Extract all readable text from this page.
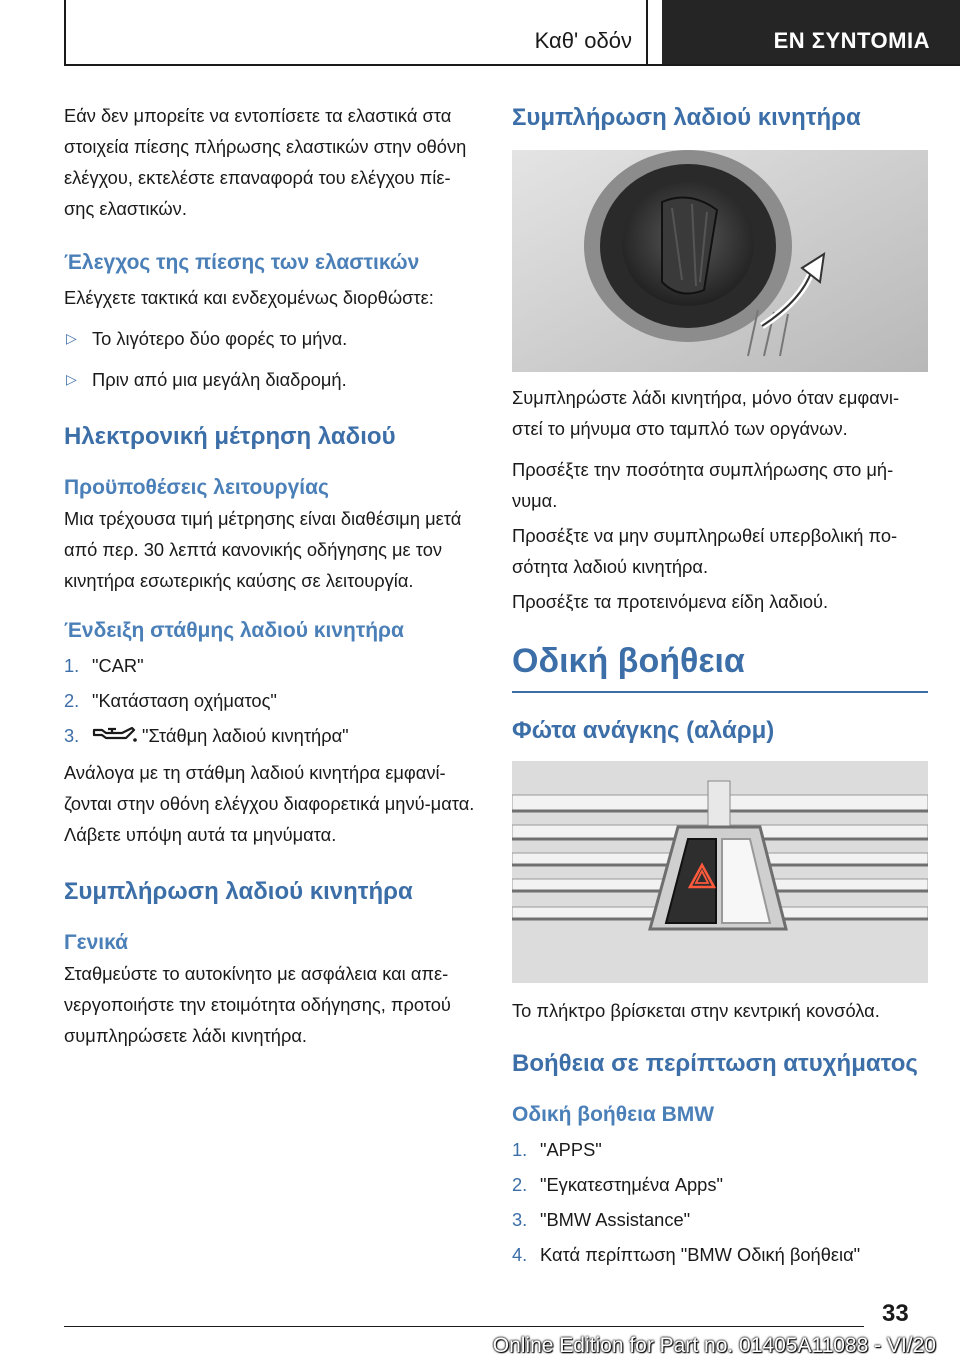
Καθ' οδόν	ΕΝ ΣΥΝΤΟΜΙΑ

Εάν δεν μπορείτε να εντοπίσετε τα ελαστικά στα στοιχεία πίεσης πλήρωσης ελαστικών στην οθόνη ελέγχου, εκτελέστε επαναφορά του ελέγχου πίε-σης ελαστικών.

Έλεγχος της πίεσης των ελαστικών

Ελέγχετε τακτικά και ενδεχομένως διορθώστε:

▷ Το λιγότερο δύο φορές το μήνα.
▷ Πριν από μια μεγάλη διαδρομή.
Ηλεκτρονική μέτρηση λαδιού
Προϋποθέσεις λειτουργίας

Μια τρέχουσα τιμή μέτρησης είναι διαθέσιμη μετά από περ. 30 λεπτά κανονικής οδήγησης με τον κινητήρα εσωτερικής καύσης σε λειτουργία.

Ένδειξη στάθμης λαδιού κινητήρα
1. "CAR"
2. "Κατάσταση οχήματος"
3.	"Στάθμη λαδιού κινητήρα"

Ανάλογα με τη στάθμη λαδιού κινητήρα εμφανί-ζονται στην οθόνη ελέγχου διαφορετικά μηνύ-ματα. Λάβετε υπόψη αυτά τα μηνύματα.

Συμπλήρωση λαδιού κινητήρα
Γενικά

Σταθμεύστε το αυτοκίνητο με ασφάλεια και απε-νεργοποιήστε την ετοιμότητα οδήγησης, προτού συμπληρώσετε λάδι κινητήρα.

Συμπλήρωση λαδιού κινητήρα

Συμπληρώστε λάδι κινητήρα, μόνο όταν εμφανι-στεί το μήνυμα στο ταμπλό των οργάνων.

Προσέξτε την ποσότητα συμπλήρωσης στο μή-νυμα.

Προσέξτε να μην συμπληρωθεί υπερβολική πο-σότητα λαδιού κινητήρα.

Προσέξτε τα προτεινόμενα είδη λαδιού.

Οδική βοήθεια
Φώτα ανάγκης (αλάρμ)

Το πλήκτρο βρίσκεται στην κεντρική κονσόλα.

Βοήθεια σε περίπτωση ατυχήματος
Οδική βοήθεια BMW
1. "APPS"
2. "Εγκατεστημένα Apps"
3. "BMW Assistance"
4. Κατά περίπτωση "BMW Οδική βοήθεια"
33
Online Edition for Part no. 01405A11088 - VI/20
